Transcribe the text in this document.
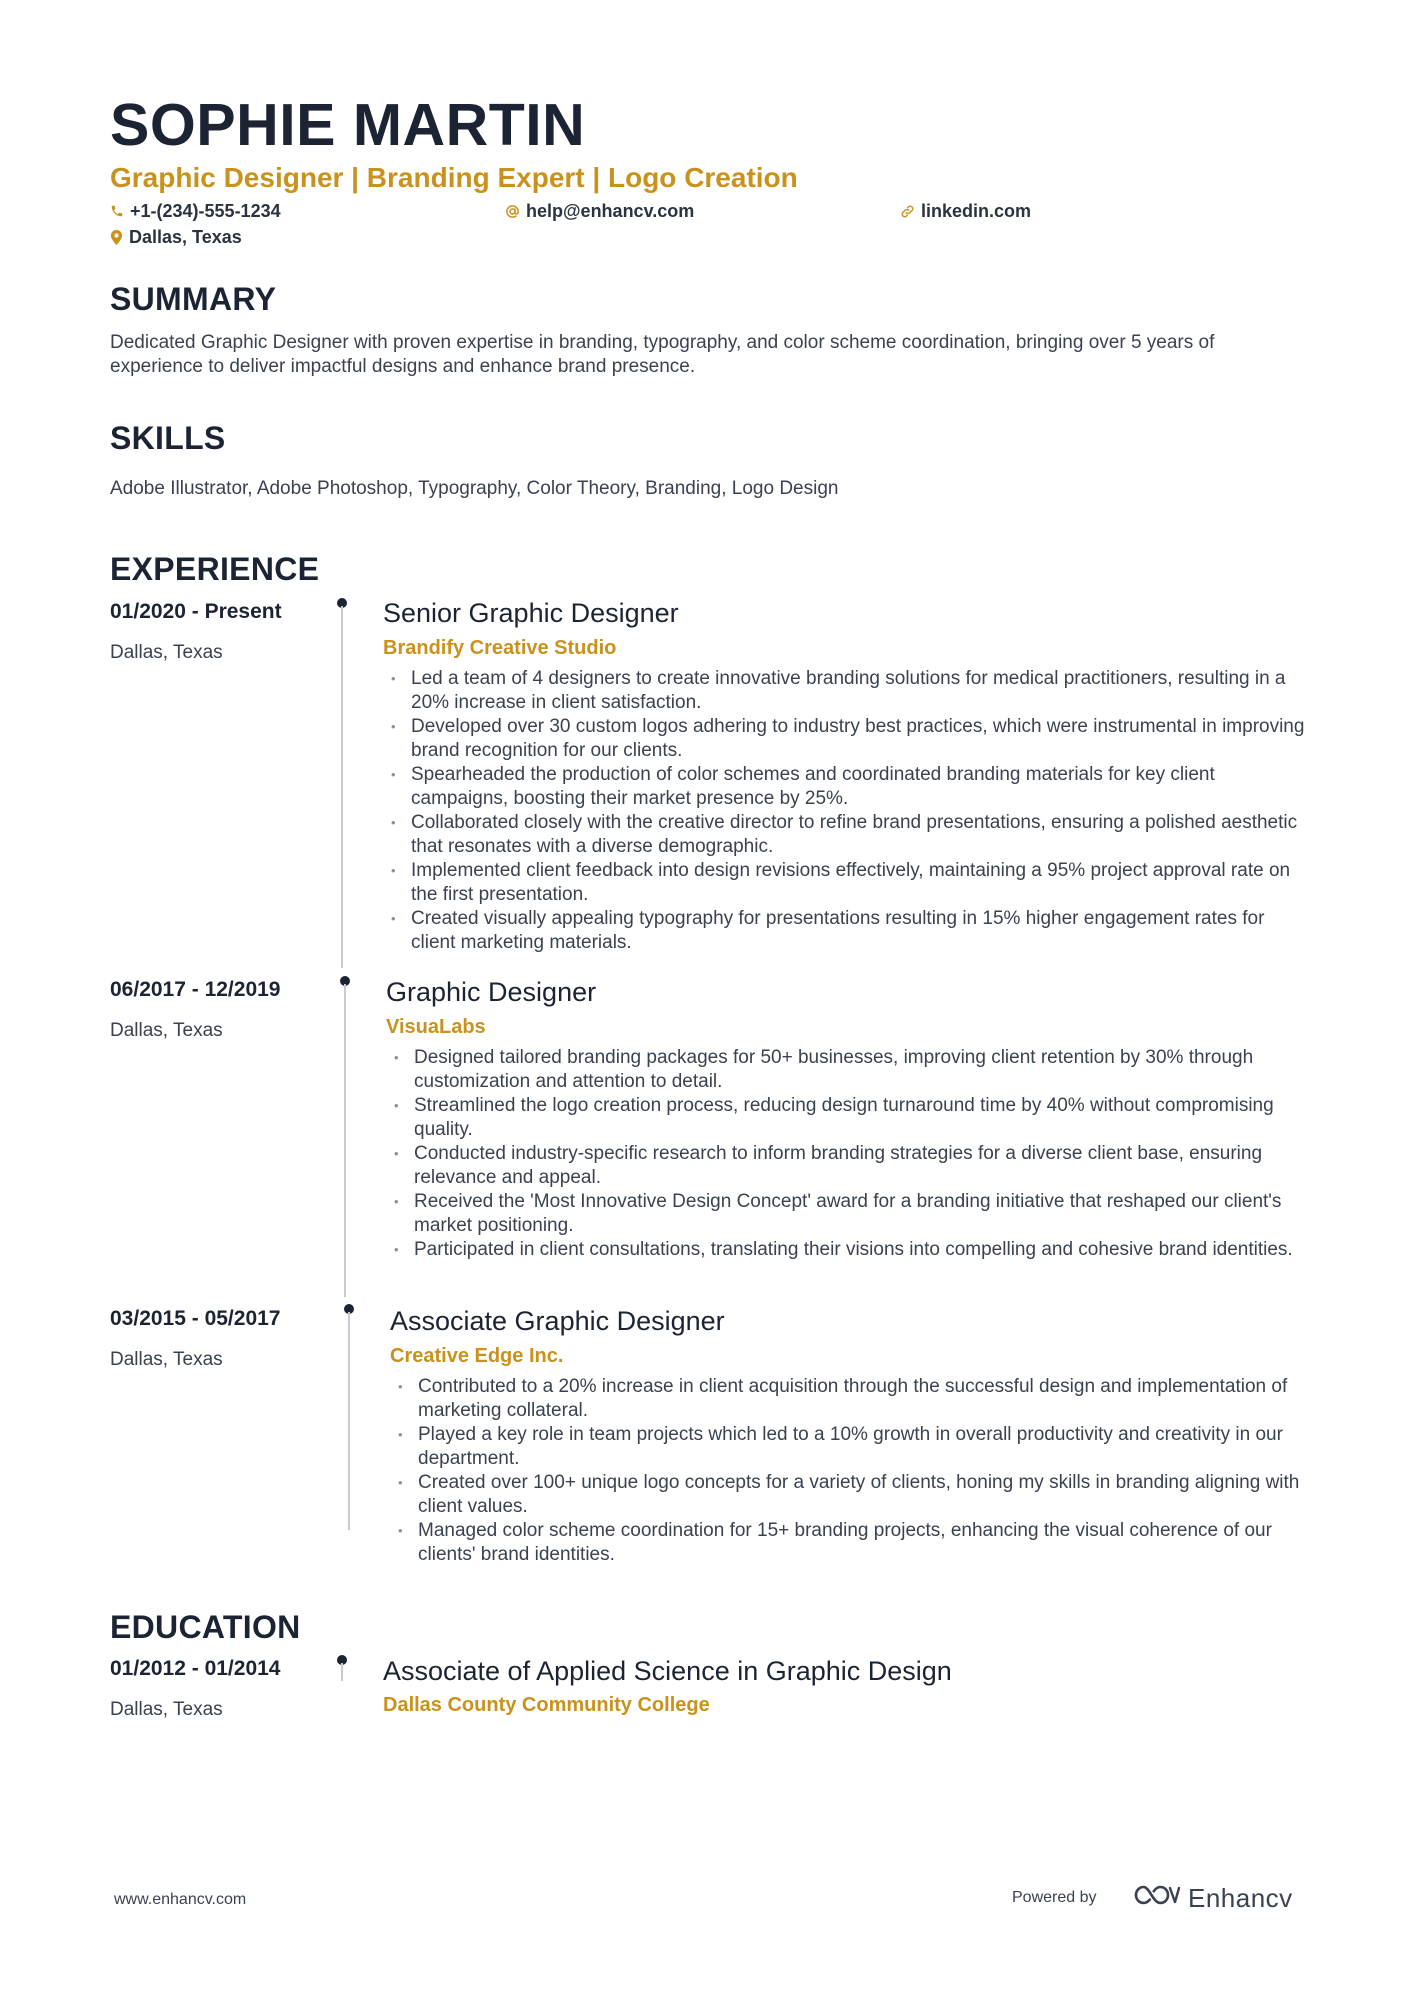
SOPHIE MARTIN
Graphic Designer | Branding Expert | Logo Creation
+1-(234)-555-1234	help@enhancv.com	linkedin.com
Dallas, Texas
SUMMARY
Dedicated Graphic Designer with proven expertise in branding, typography, and color scheme coordination, bringing over 5 years of experience to deliver impactful designs and enhance brand presence.
SKILLS
Adobe Illustrator, Adobe Photoshop, Typography, Color Theory, Branding, Logo Design
EXPERIENCE
01/2020 - Present
Dallas, Texas
Senior Graphic Designer
Brandify Creative Studio
• Led a team of 4 designers to create innovative branding solutions for medical practitioners, resulting in a 20% increase in client satisfaction.
• Developed over 30 custom logos adhering to industry best practices, which were instrumental in improving brand recognition for our clients.
• Spearheaded the production of color schemes and coordinated branding materials for key client campaigns, boosting their market presence by 25%.
• Collaborated closely with the creative director to refine brand presentations, ensuring a polished aesthetic that resonates with a diverse demographic.
• Implemented client feedback into design revisions effectively, maintaining a 95% project approval rate on the first presentation.
• Created visually appealing typography for presentations resulting in 15% higher engagement rates for client marketing materials.
06/2017 - 12/2019
Dallas, Texas
Graphic Designer
VisuaLabs
• Designed tailored branding packages for 50+ businesses, improving client retention by 30% through customization and attention to detail.
• Streamlined the logo creation process, reducing design turnaround time by 40% without compromising quality.
• Conducted industry-specific research to inform branding strategies for a diverse client base, ensuring relevance and appeal.
• Received the 'Most Innovative Design Concept' award for a branding initiative that reshaped our client's market positioning.
• Participated in client consultations, translating their visions into compelling and cohesive brand identities.
03/2015 - 05/2017
Dallas, Texas
Associate Graphic Designer
Creative Edge Inc.
• Contributed to a 20% increase in client acquisition through the successful design and implementation of marketing collateral.
• Played a key role in team projects which led to a 10% growth in overall productivity and creativity in our department.
• Created over 100+ unique logo concepts for a variety of clients, honing my skills in branding aligning with client values.
• Managed color scheme coordination for 15+ branding projects, enhancing the visual coherence of our clients' brand identities.
EDUCATION
01/2012 - 01/2014
Dallas, Texas
Associate of Applied Science in Graphic Design
Dallas County Community College
www.enhancv.com	Powered by	Enhancv
